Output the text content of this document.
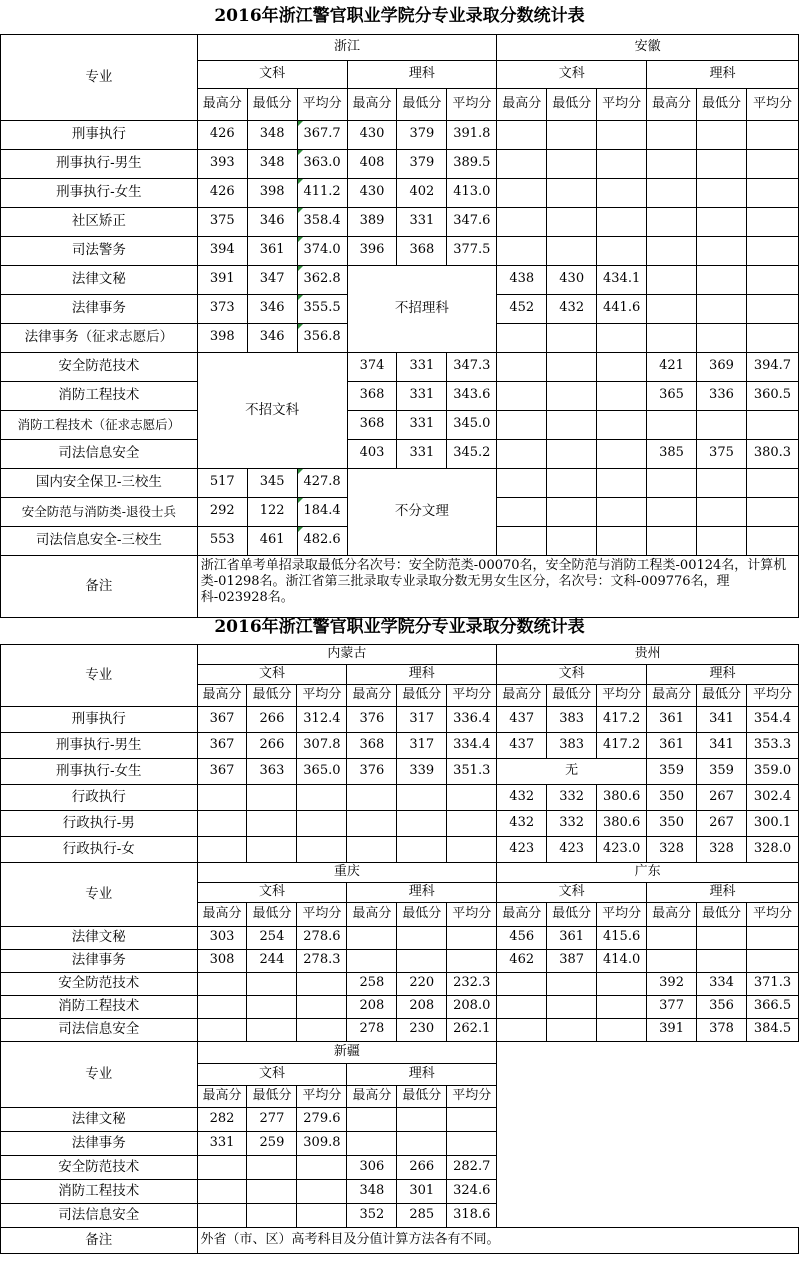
2016年浙江警官职业学院分专业录取分数统计表												
专业	浙江						安徽					
	文科			理科			文科			理科		
	最高分	最低分	平均分	最高分	最低分	平均分	最高分	最低分	平均分	最高分	最低分	平均分
刑事执行	426	348	367.7	430	379	391.8						
刑事执行-男生	393	348	363.0	408	379	389.5						
刑事执行-女生	426	398	411.2	430	402	413.0						
社区矫正	375	346	358.4	389	331	347.6						
司法警务	394	361	374.0	396	368	377.5						
法律文秘	391	347	362.8	不招理科			438	430	434.1			
法律事务	373	346	355.5				452	432	441.6			
法律事务（征求志愿后）	398	346	356.8									
安全防范技术	不招文科			374	331	347.3				421	369	394.7
消防工程技术				368	331	343.6				365	336	360.5
消防工程技术（征求志愿后）				368	331	345.0						
司法信息安全				403	331	345.2				385	375	380.3
国内安全保卫-三校生	517	345	427.8	不分文理								
安全防范与消防类-退役士兵	292	122	184.4									
司法信息安全-三校生	553	461	482.6									
备注	浙江省单考单招录取最低分名次号：安全防范类-00070名，安全防范与消防工程类-00124名，计算机类-01298名。浙江省第三批录取专业录取分数无男女生区分，名次号：文科-009776名，理科-023928名。											
2016年浙江警官职业学院分专业录取分数统计表												
专业	内蒙古						贵州					
	文科			理科			文科			理科		
	最高分	最低分	平均分	最高分	最低分	平均分	最高分	最低分	平均分	最高分	最低分	平均分
刑事执行	367	266	312.4	376	317	336.4	437	383	417.2	361	341	354.4
刑事执行-男生	367	266	307.8	368	317	334.4	437	383	417.2	361	341	353.3
刑事执行-女生	367	363	365.0	376	339	351.3	无			359	359	359.0
行政执行							432	332	380.6	350	267	302.4
行政执行-男							432	332	380.6	350	267	300.1
行政执行-女							423	423	423.0	328	328	328.0
专业	重庆						广东					
	文科			理科			文科			理科		
	最高分	最低分	平均分	最高分	最低分	平均分	最高分	最低分	平均分	最高分	最低分	平均分
法律文秘	303	254	278.6				456	361	415.6			
法律事务	308	244	278.3				462	387	414.0			
安全防范技术				258	220	232.3				392	334	371.3
消防工程技术				208	208	208.0				377	356	366.5
司法信息安全				278	230	262.1				391	378	384.5
专业	新疆											
	文科			理科								
	最高分	最低分	平均分	最高分	最低分	平均分						
法律文秘	282	277	279.6									
法律事务	331	259	309.8									
安全防范技术				306	266	282.7						
消防工程技术				348	301	324.6						
司法信息安全				352	285	318.6						
备注	外省（市、区）高考科目及分值计算方法各有不同。											
